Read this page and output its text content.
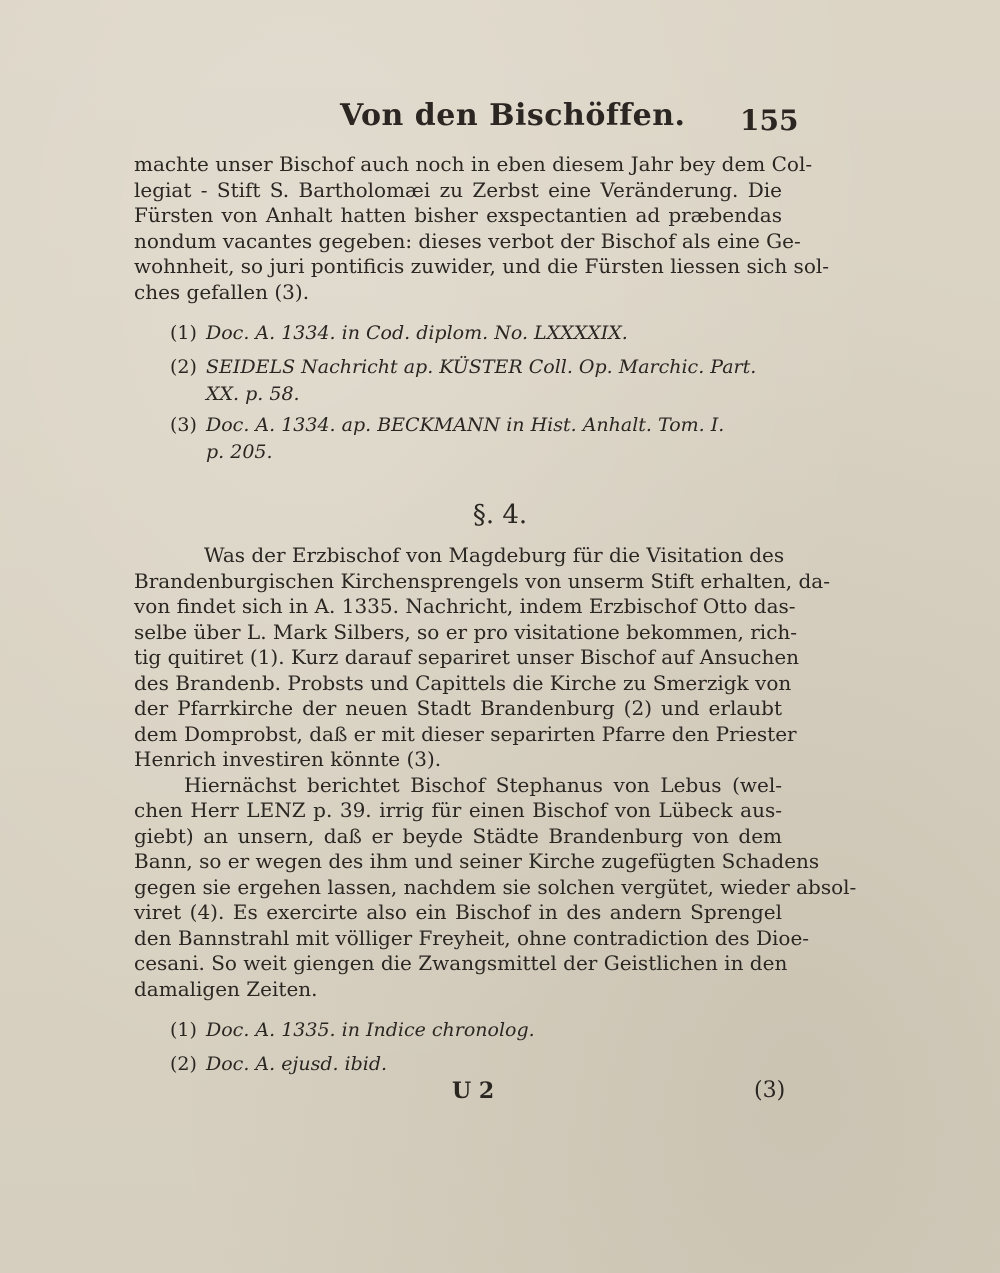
Von den Bischöffen. 155
machte unser Bischof auch noch in eben diesem Jahr bey dem Col-
legiat - Stift S. Bartholomæi zu Zerbst eine Veränderung. Die
Fürsten von Anhalt hatten bisher exspectantien ad præbendas
nondum vacantes gegeben: dieses verbot der Bischof als eine Ge-
wohnheit, so juri pontificis zuwider, und die Fürsten liessen sich sol-
ches gefallen (3).
(1) Doc. A. 1334. in Cod. diplom. No. LXXXXIX.
(2) SEIDELS Nachricht ap. KÜSTER Coll. Op. Marchic. Part.
XX. p. 58.
(3) Doc. A. 1334. ap. BECKMANN in Hist. Anhalt. Tom. I.
p. 205.
§. 4.
Was der Erzbischof von Magdeburg für die Visitation des
Brandenburgischen Kirchensprengels von unserm Stift erhalten, da-
von findet sich in A. 1335. Nachricht, indem Erzbischof Otto das-
selbe über L. Mark Silbers, so er pro visitatione bekommen, rich-
tig quitiret (1). Kurz darauf separiret unser Bischof auf Ansuchen
des Brandenb. Probsts und Capittels die Kirche zu Smerzigk von
der Pfarrkirche der neuen Stadt Brandenburg (2) und erlaubt
dem Domprobst, daß er mit dieser separirten Pfarre den Priester
Henrich investiren könnte (3).
Hiernächst berichtet Bischof Stephanus von Lebus (wel-
chen Herr LENZ p. 39. irrig für einen Bischof von Lübeck aus-
giebt) an unsern, daß er beyde Städte Brandenburg von dem
Bann, so er wegen des ihm und seiner Kirche zugefügten Schadens
gegen sie ergehen lassen, nachdem sie solchen vergütet, wieder absol-
viret (4). Es exercirte also ein Bischof in des andern Sprengel
den Bannstrahl mit völliger Freyheit, ohne contradiction des Dioe-
cesani. So weit giengen die Zwangsmittel der Geistlichen in den
damaligen Zeiten.
(1) Doc. A. 1335. in Indice chronolog.
(2) Doc. A. ejusd. ibid.
U 2	(3)
